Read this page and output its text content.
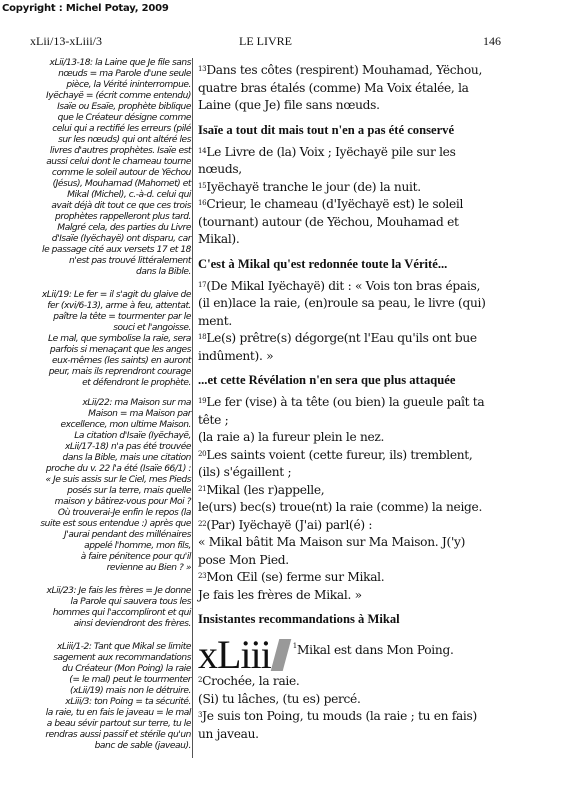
Copyright : Michel Potay, 2009
xLii/13-xLiii/3	LE LIVRE	146

xLii/13-18: la Laine que Je file sans

nœuds = ma Parole d'une seule

pièce, la Vérité ininterrompue.

Iyëchayë = (écrit comme entendu)

Isaïe ou Esaïe, prophète biblique

que le Créateur désigne comme

celui qui a rectifié les erreurs (pilé

sur les nœuds) qui ont altéré les

livres d'autres prophètes. Isaïe est

aussi celui dont le chameau tourne

comme le soleil autour de Yëchou

(Jésus), Mouhamad (Mahomet) et

Mikal (Michel), c.-à-d. celui qui

avait déjà dit tout ce que ces trois

prophètes rappelleront plus tard.

Malgré cela, des parties du Livre

d'Isaïe (Iyëchayë) ont disparu, car

le passage cité aux versets 17 et 18

n'est pas trouvé littéralement

dans la Bible.

xLii/19: Le fer = il s'agit du glaive de

fer (xvi/6-13), arme à feu, attentat.

paître la tête = tourmenter par le

souci et l'angoisse.

Le mal, que symbolise la raie, sera

parfois si menaçant que les anges

eux-mêmes (les saints) en auront

peur, mais ils reprendront courage

et défendront le prophète.

xLii/22: ma Maison sur ma

Maison = ma Maison par

excellence, mon ultime Maison.

La citation d'Isaïe (Iyëchayë,

xLii/17-18) n'a pas été trouvée

dans la Bible, mais une citation

proche du v. 22 l'a été (Isaïe 66/1) :

« Je suis assis sur le Ciel, mes Pieds

posés sur la terre, mais quelle

maison y bâtirez-vous pour Moi ?

Où trouverai-Je enfin le repos (la

suite est sous entendue :) après que

J'aurai pendant des millénaires

appelé l'homme, mon fils,

à faire pénitence pour qu'il

revienne au Bien ? »

xLii/23: Je fais les frères = Je donne

la Parole qui sauvera tous les

hommes qui l'accompliront et qui

ainsi deviendront des frères.

xLiii/1-2: Tant que Mikal se limite

sagement aux recommandations

du Créateur (Mon Poing) la raie

(= le mal) peut le tourmenter

(xLii/19) mais non le détruire.

xLiii/3: ton Poing = ta sécurité.

la raie, tu en fais le javeau = le mal

a beau sévir partout sur terre, tu le

rendras aussi passif et stérile qu'un

banc de sable (javeau).

$^{13}$Dans tes côtes (respirent) Mouhamad, Yëchou,
quatre bras étalés (comme) Ma Voix étalée, la
Laine (que Je) file sans nœuds.
Isaïe a tout dit mais tout n'en a pas été conservé
$^{14}$Le Livre de (la) Voix ; Iyëchayë pile sur les
nœuds,
$^{15}$Iyëchayë tranche le jour (de) la nuit.
$^{16}$Crieur, le chameau (d'Iyëchayë est) le soleil
(tournant) autour (de Yëchou, Mouhamad et
Mikal).
C'est à Mikal qu'est redonnée toute la Vérité...
$^{17}$(De Mikal Iyëchayë) dit : « Vois ton bras épais,
(il en)lace la raie, (en)roule sa peau, le livre (qui)
ment.
$^{18}$Le(s) prêtre(s) dégorge(nt l'Eau qu'ils ont bue
indûment). »
...et cette Révélation n'en sera que plus attaquée
$^{19}$Le fer (vise) à ta tête (ou bien) la gueule paît ta
tête ;
(la raie a) la fureur plein le nez.
$^{20}$Les saints voient (cette fureur, ils) tremblent,
(ils) s'égaillent ;
$^{21}$Mikal (les r)appelle,
le(urs) bec(s) troue(nt) la raie (comme) la neige.
$^{22}$(Par) Iyëchayë (J'ai) parl(é) :
« Mikal bâtit Ma Maison sur Ma Maison. J('y)
pose Mon Pied.
$^{23}$Mon Œil (se) ferme sur Mikal.
Je fais les frères de Mikal. »
Insistantes recommandations à Mikal
xLiii	$^1$Mikal est dans Mon Poing.
$^2$Crochée, la raie.
(Si) tu lâches, (tu es) percé.
$^3$Je suis ton Poing, tu mouds (la raie ; tu en fais)
un javeau.
